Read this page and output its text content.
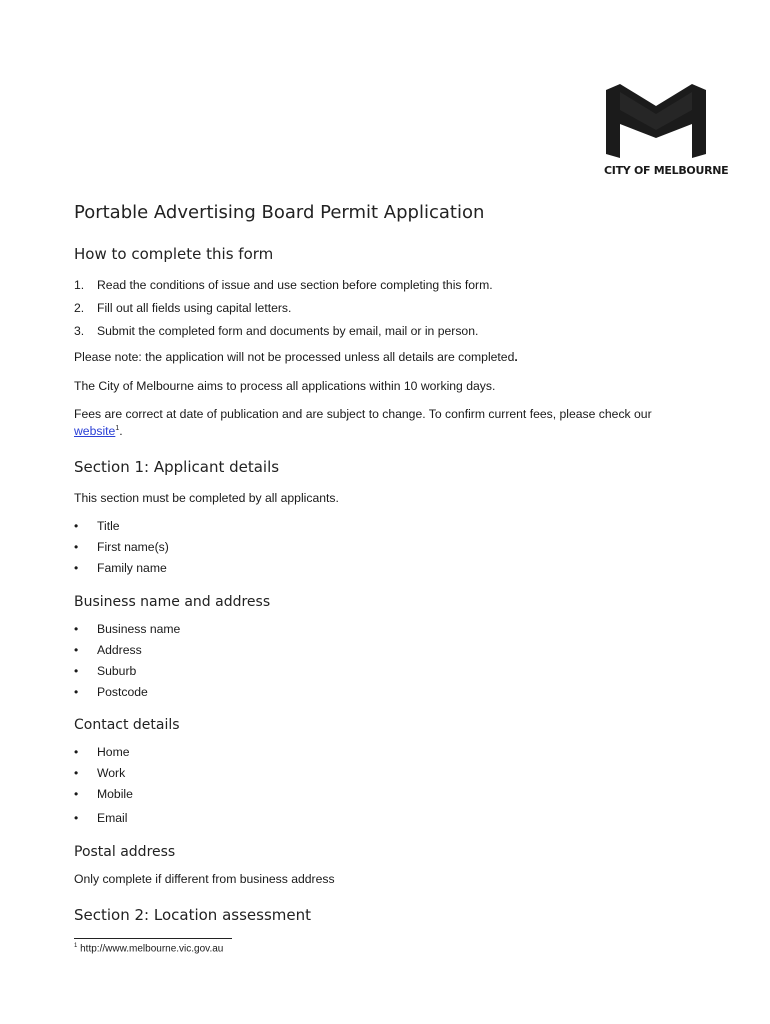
CITY OF MELBOURNE
Portable Advertising Board Permit Application
How to complete this form
1. Read the conditions of issue and use section before completing this form.
2. Fill out all fields using capital letters.
3. Submit the completed form and documents by email, mail or in person.
Please note: the application will not be processed unless all details are completed.
The City of Melbourne aims to process all applications within 10 working days.
Fees are correct at date of publication and are subject to change. To confirm current fees, please check our
website$^1$.
Section 1: Applicant details
This section must be completed by all applicants.
• Title
• First name(s)
• Family name
Business name and address
• Business name
• Address
• Suburb
• Postcode
Contact details
• Home
• Work
• Mobile
• Email
Postal address
Only complete if different from business address
Section 2: Location assessment
$^1$ http://www.melbourne.vic.gov.au
